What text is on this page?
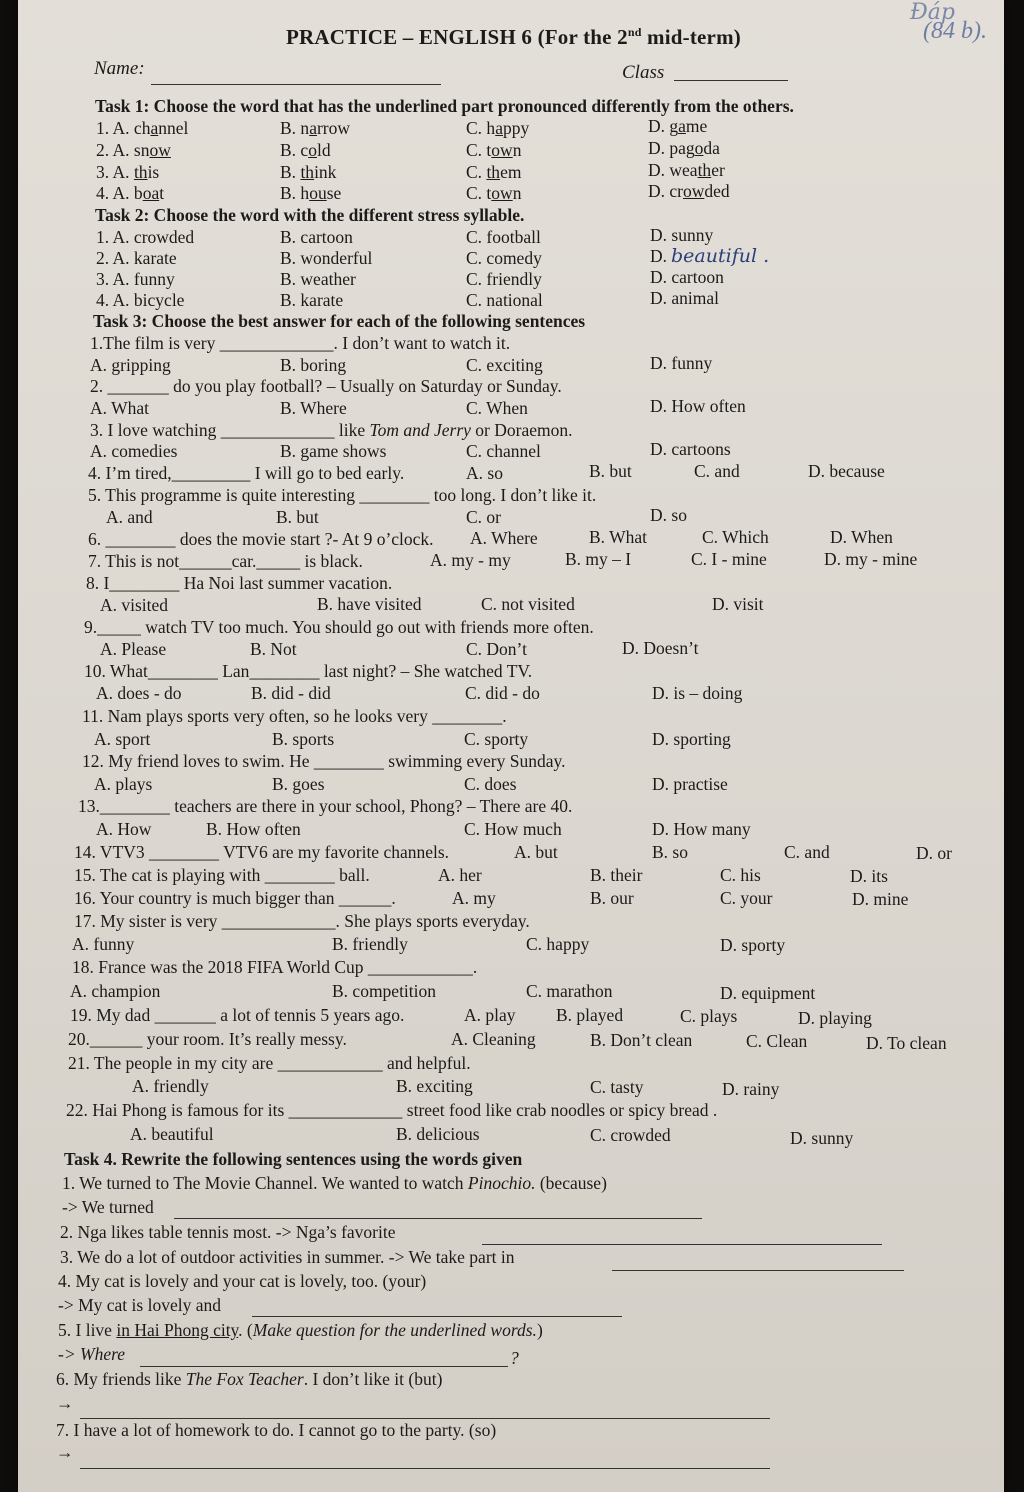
Đáp
(84 b).
PRACTICE – ENGLISH 6 (For the 2nd mid-term)
Name:	Class
Task 1: Choose the word that has the underlined part pronounced differently from the others.
1. A. channel	B. narrow	C. happy	D. game
2. A. snow	B. cold	C. town	D. pagoda
3. A. this	B. think	C. them	D. weather
4. A. boat	B. house	C. town	D. crowded
Task 2: Choose the word with the different stress syllable.
1. A. crowded	B. cartoon	C. football	D. sunny
2. A. karate	B. wonderful	C. comedy	D. beautiful .
3. A. funny	B. weather	C. friendly	D. cartoon
4. A. bicycle	B. karate	C. national	D. animal
Task 3: Choose the best answer for each of the following sentences
1.The film is very _____________. I don’t want to watch it.
A. gripping	B. boring	C. exciting	D. funny
2. _______ do you play football? – Usually on Saturday or Sunday.
A. What	B. Where	C. When	D. How often
3. I love watching _____________ like Tom and Jerry or Doraemon.
A. comedies	B. game shows	C. channel	D. cartoons
4. I’m tired,_________ I will go to bed early.	A. so	B. but	C. and	D. because
5. This programme is quite interesting ________ too long. I don’t like it.
A. and	B. but	C. or	D. so
6. ________ does the movie start ?- At 9 o’clock. A. Where	B. What	C. Which	D. When
7. This is not______car._____ is black.	A. my - my	B. my – I	C. I - mine	D. my - mine
8. I________ Ha Noi last summer vacation.
A. visited	B. have visited	C. not visited	D. visit
9._____ watch TV too much. You should go out with friends more often.
A. Please	B. Not	C. Don’t	D. Doesn’t
10. What________ Lan________ last night? – She watched TV.
A. does - do	B. did - did	C. did - do	D. is – doing
11. Nam plays sports very often, so he looks very ________.
A. sport	B. sports	C. sporty	D. sporting
12. My friend loves to swim. He ________ swimming every Sunday.
A. plays	B. goes	C. does	D. practise
13.________ teachers are there in your school, Phong? – There are 40.
A. How	B. How often	C. How much	D. How many
14. VTV3 ________ VTV6 are my favorite channels.	A. but	B. so	C. and	D. or
15. The cat is playing with ________ ball.	A. her	B. their	C. his	D. its
16. Your country is much bigger than ______.	A. my	B. our	C. your	D. mine
17. My sister is very _____________. She plays sports everyday.
A. funny	B. friendly	C. happy	D. sporty
18. France was the 2018 FIFA World Cup ____________.
A. champion	B. competition	C. marathon	D. equipment
19. My dad _______ a lot of tennis 5 years ago.	A. play B. played	C. plays	D. playing
20.______ your room. It’s really messy.	A. Cleaning	B. Don’t clean	C. Clean	D. To clean
21. The people in my city are ____________ and helpful.
A. friendly	B. exciting	C. tasty	D. rainy
22. Hai Phong is famous for its _____________ street food like crab noodles or spicy bread .
A. beautiful	B. delicious	C. crowded	D. sunny
Task 4. Rewrite the following sentences using the words given
1. We turned to The Movie Channel. We wanted to watch Pinochio. (because)
-> We turned
2. Nga likes table tennis most. -> Nga’s favorite
3. We do a lot of outdoor activities in summer. -> We take part in
4. My cat is lovely and your cat is lovely, too. (your)
-> My cat is lovely and
5. I live in Hai Phong city. (Make question for the underlined words.)
-> Where	?
6. My friends like The Fox Teacher. I don’t like it (but)
→
7. I have a lot of homework to do. I cannot go to the party. (so)
→
